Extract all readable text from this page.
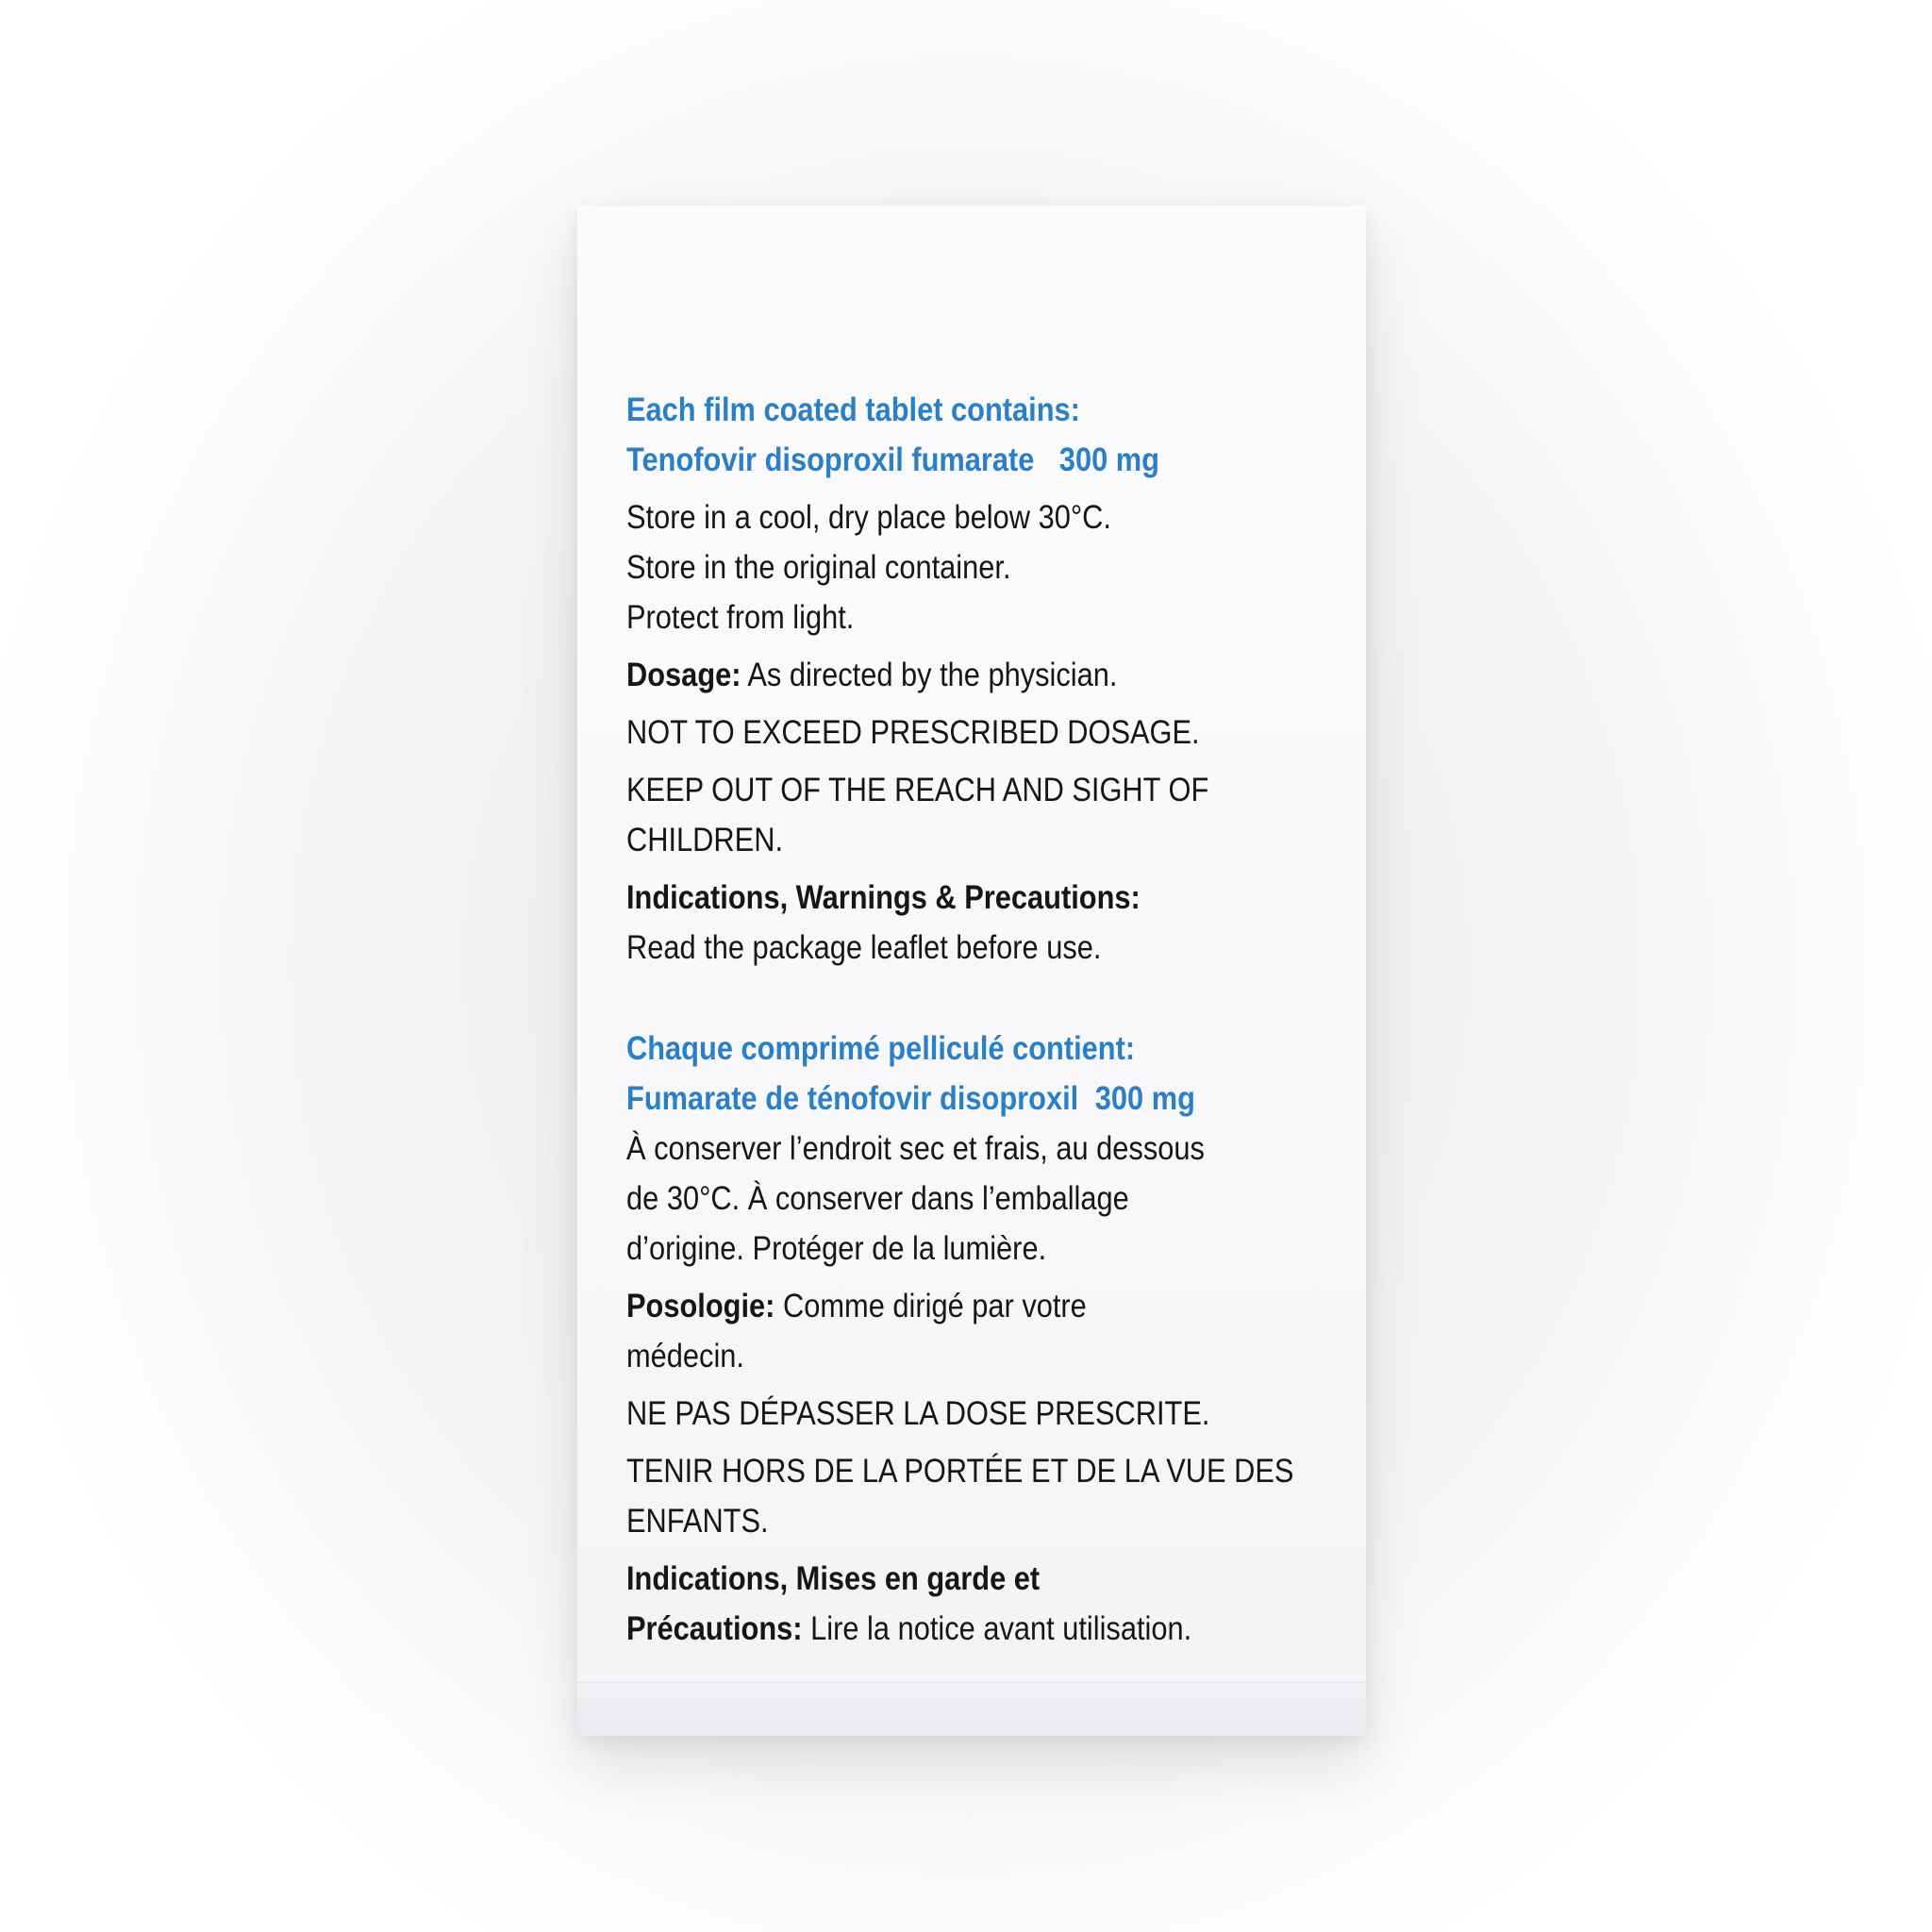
Each film coated tablet contains:

Tenofovir disoproxil fumarate 300 mg

Store in a cool, dry place below 30°C.

Store in the original container.

Protect from light.

Dosage: As directed by the physician.

NOT TO EXCEED PRESCRIBED DOSAGE.

KEEP OUT OF THE REACH AND SIGHT OF

CHILDREN.

Indications, Warnings & Precautions:

Read the package leaflet before use.

Chaque comprimé pelliculé contient:

Fumarate de ténofovir disoproxil 300 mg

À conserver l’endroit sec et frais, au dessous

de 30°C. À conserver dans l’emballage

d’origine. Protéger de la lumière.

Posologie: Comme dirigé par votre

médecin.

NE PAS DÉPASSER LA DOSE PRESCRITE.

TENIR HORS DE LA PORTÉE ET DE LA VUE DES

ENFANTS.

Indications, Mises en garde et

Précautions: Lire la notice avant utilisation.
